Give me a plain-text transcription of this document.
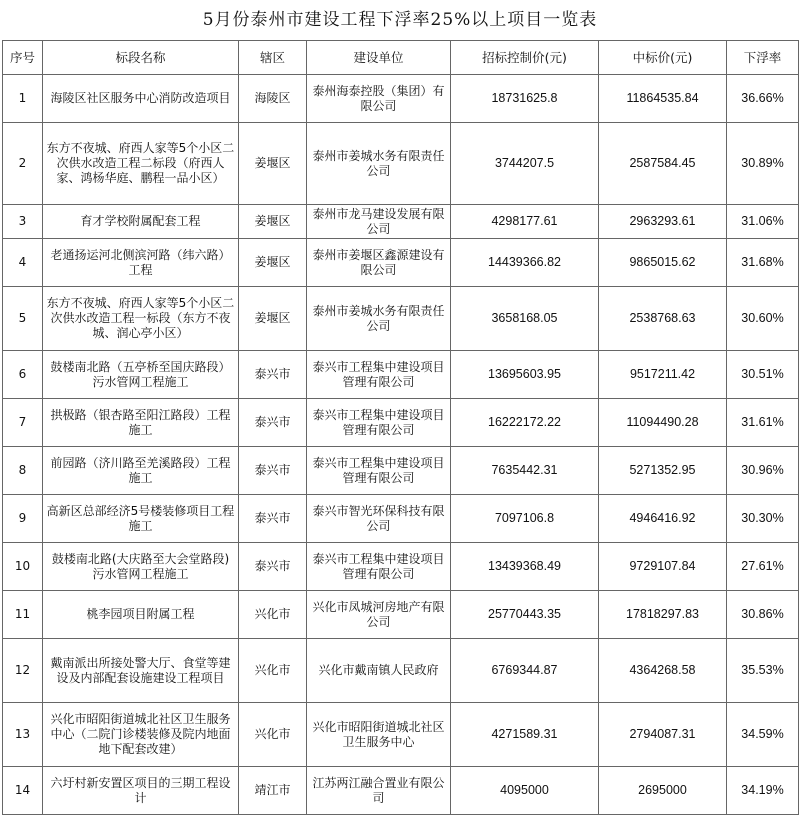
5月份泰州市建设工程下浮率25%以上项目一览表
序号	标段名称	辖区	建设单位	招标控制价(元)	中标价(元)	下浮率
1	海陵区社区服务中心消防改造项目	海陵区	泰州海泰控股（集团）有限公司	18731625.8	11864535.84	36.66%
2	东方不夜城、府西人家等5个小区二次供水改造工程二标段（府西人家、鸿杨华庭、鹏程一品小区）	姜堰区	泰州市姜城水务有限责任公司	3744207.5	2587584.45	30.89%
3	育才学校附属配套工程	姜堰区	泰州市龙马建设发展有限公司	4298177.61	2963293.61	31.06%
4	老通扬运河北侧滨河路（纬六路）工程	姜堰区	泰州市姜堰区鑫源建设有限公司	14439366.82	9865015.62	31.68%
5	东方不夜城、府西人家等5个小区二次供水改造工程一标段（东方不夜城、润心亭小区）	姜堰区	泰州市姜城水务有限责任公司	3658168.05	2538768.63	30.60%
6	鼓楼南北路（五亭桥至国庆路段）污水管网工程施工	泰兴市	泰兴市工程集中建设项目管理有限公司	13695603.95	9517211.42	30.51%
7	拱极路（银杏路至阳江路段）工程施工	泰兴市	泰兴市工程集中建设项目管理有限公司	16222172.22	11094490.28	31.61%
8	前园路（济川路至羌溪路段）工程施工	泰兴市	泰兴市工程集中建设项目管理有限公司	7635442.31	5271352.95	30.96%
9	高新区总部经济5号楼装修项目工程施工	泰兴市	泰兴市智光环保科技有限公司	7097106.8	4946416.92	30.30%
10	鼓楼南北路(大庆路至大会堂路段)污水管网工程施工	泰兴市	泰兴市工程集中建设项目管理有限公司	13439368.49	9729107.84	27.61%
11	桃李园项目附属工程	兴化市	兴化市凤城河房地产有限公司	25770443.35	17818297.83	30.86%
12	戴南派出所接处警大厅、食堂等建设及内部配套设施建设工程项目	兴化市	兴化市戴南镇人民政府	6769344.87	4364268.58	35.53%
13	兴化市昭阳街道城北社区卫生服务中心（二院门诊楼装修及院内地面地下配套改建）	兴化市	兴化市昭阳街道城北社区卫生服务中心	4271589.31	2794087.31	34.59%
14	六圩村新安置区项目的三期工程设计	靖江市	江苏两江融合置业有限公司	4095000	2695000	34.19%
